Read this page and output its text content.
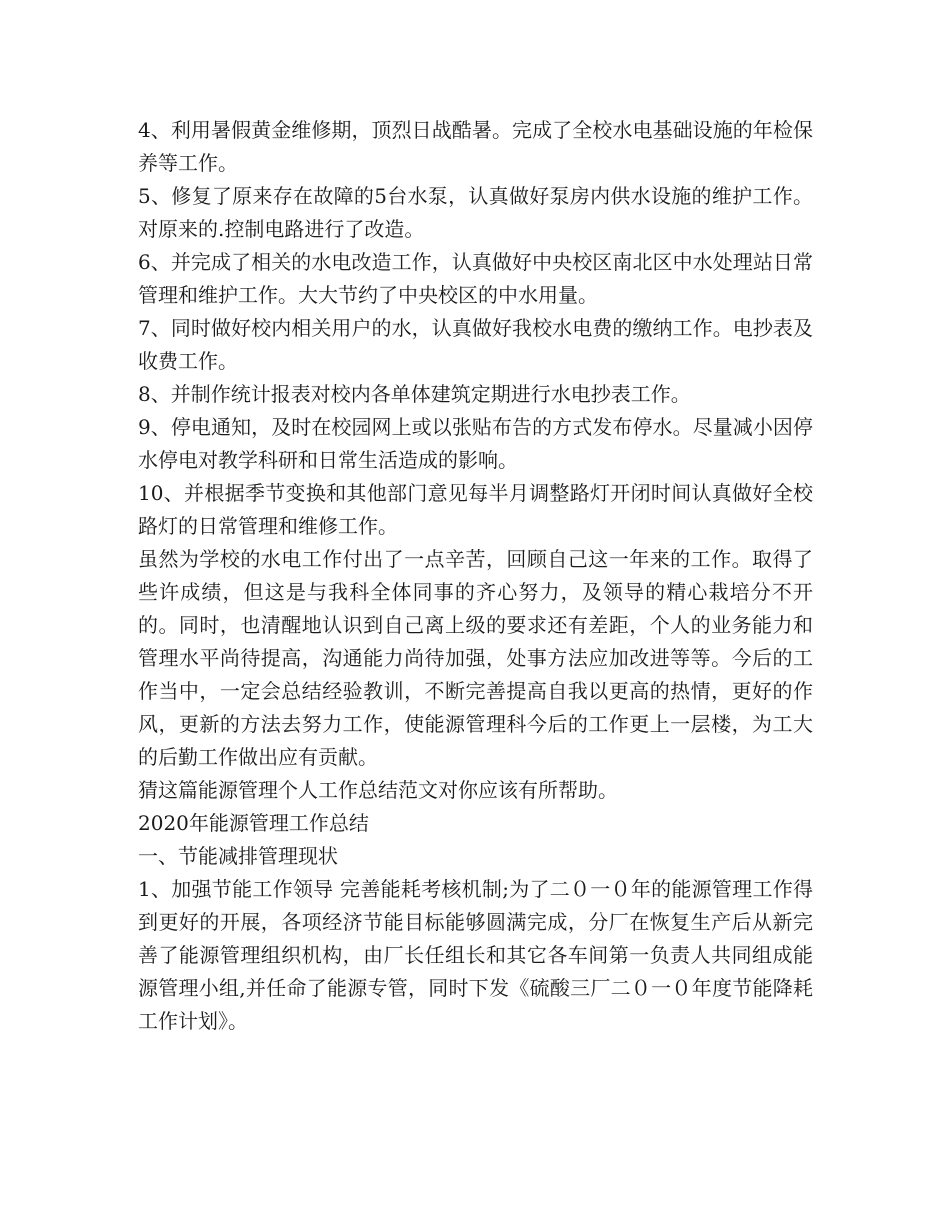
4、利用暑假黄金维修期，顶烈日战酷暑。完成了全校水电基础设施的年检保养等工作。

5、修复了原来存在故障的5台水泵，认真做好泵房内供水设施的维护工作。对原来的.控制电路进行了改造。

6、并完成了相关的水电改造工作，认真做好中央校区南北区中水处理站日常管理和维护工作。大大节约了中央校区的中水用量。

7、同时做好校内相关用户的水，认真做好我校水电费的缴纳工作。电抄表及收费工作。

8、并制作统计报表对校内各单体建筑定期进行水电抄表工作。

9、停电通知，及时在校园网上或以张贴布告的方式发布停水。尽量减小因停水停电对教学科研和日常生活造成的影响。

10、并根据季节变换和其他部门意见每半月调整路灯开闭时间认真做好全校路灯的日常管理和维修工作。

虽然为学校的水电工作付出了一点辛苦，回顾自己这一年来的工作。取得了些许成绩，但这是与我科全体同事的齐心努力，及领导的精心栽培分不开的。同时，也清醒地认识到自己离上级的要求还有差距，个人的业务能力和管理水平尚待提高，沟通能力尚待加强，处事方法应加改进等等。今后的工作当中，一定会总结经验教训，不断完善提高自我以更高的热情，更好的作风，更新的方法去努力工作，使能源管理科今后的工作更上一层楼，为工大的后勤工作做出应有贡献。

猜这篇能源管理个人工作总结范文对你应该有所帮助。

2020年能源管理工作总结

一、节能减排管理现状

1、加强节能工作领导 完善能耗考核机制;为了二０一０年的能源管理工作得到更好的开展，各项经济节能目标能够圆满完成，分厂在恢复生产后从新完善了能源管理组织机构，由厂长任组长和其它各车间第一负责人共同组成能源管理小组,并任命了能源专管，同时下发《硫酸三厂二０一０年度节能降耗工作计划》。
